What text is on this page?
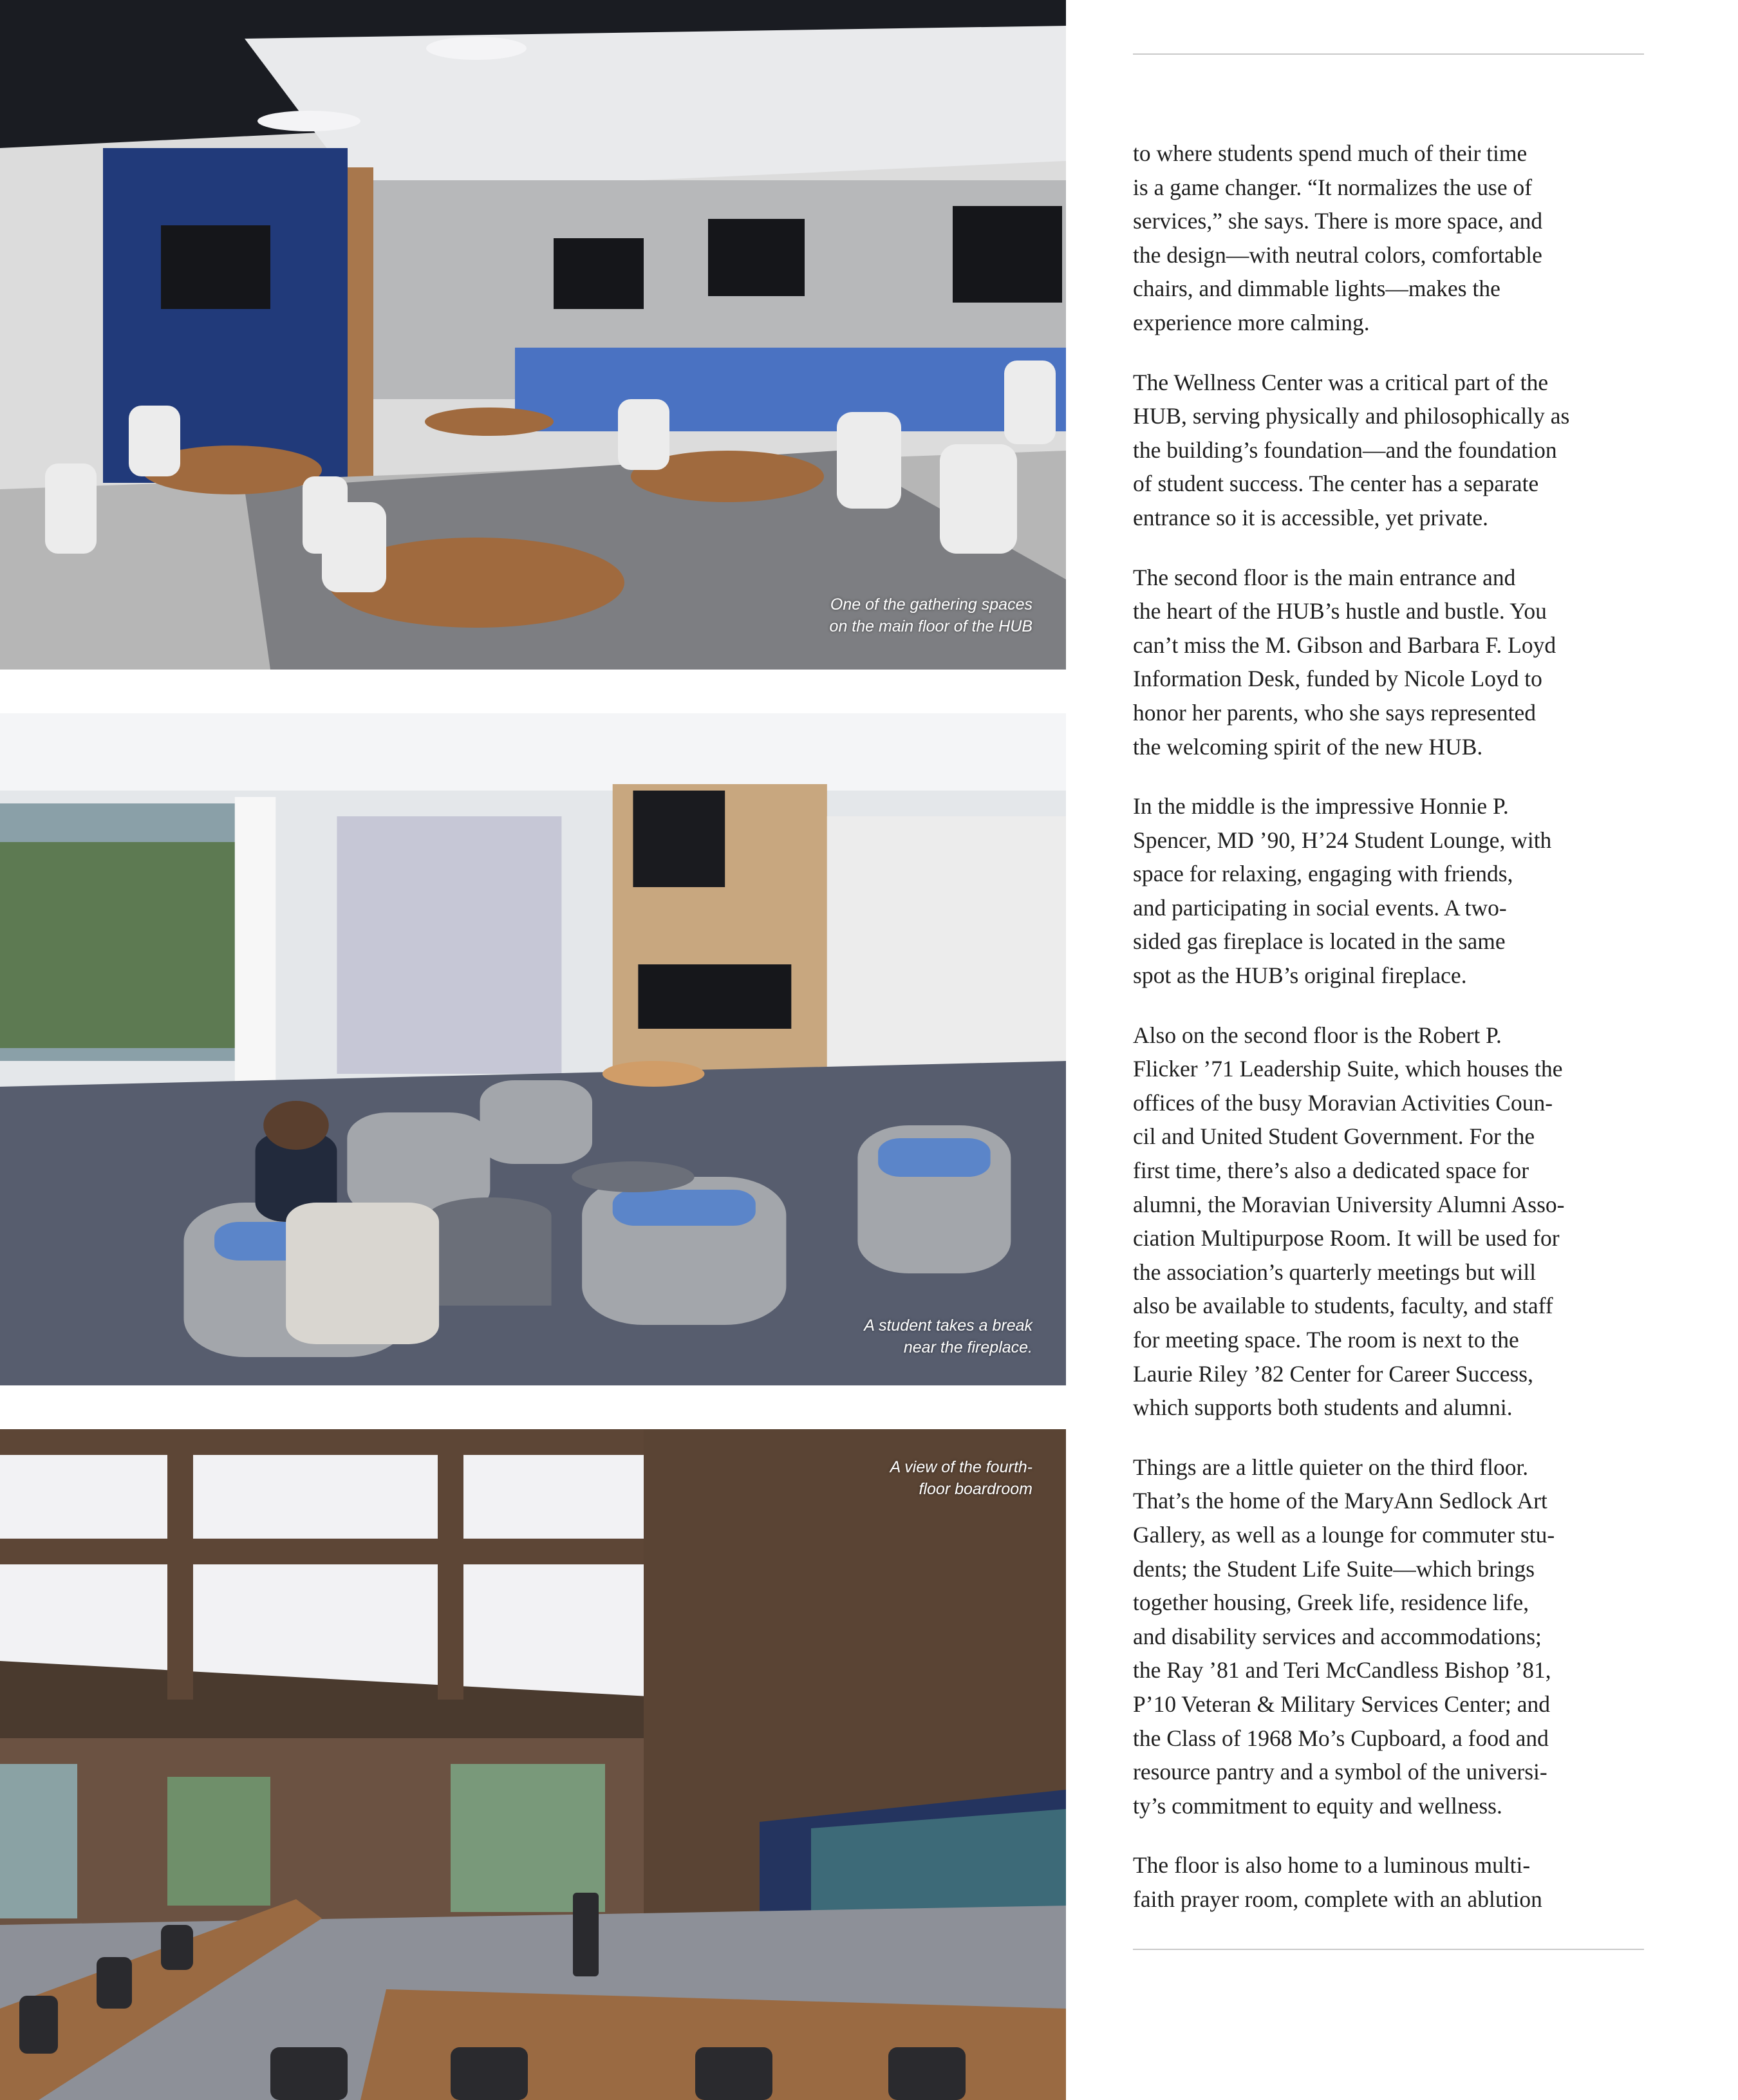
One of the gathering spaces
on the main floor of the HUB
A student takes a break
near the fireplace.
A view of the fourth-
floor boardroom

to where students spend much of their time
is a game changer. “It normalizes the use of
services,” she says. There is more space, and
the design—with neutral colors, comfortable
chairs, and dimmable lights—makes the
experience more calming.

The Wellness Center was a critical part of the
HUB, serving physically and philosophically as
the building’s foundation—and the foundation
of student success. The center has a separate
entrance so it is accessible, yet private.

The second floor is the main entrance and
the heart of the HUB’s hustle and bustle. You
can’t miss the M. Gibson and Barbara F. Loyd
Information Desk, funded by Nicole Loyd to
honor her parents, who she says represented
the welcoming spirit of the new HUB.

In the middle is the impressive Honnie P.
Spencer, MD ’90, H’24 Student Lounge, with
space for relaxing, engaging with friends,
and participating in social events. A two-
sided gas fireplace is located in the same
spot as the HUB’s original fireplace.

Also on the second floor is the Robert P.
Flicker ’71 Leadership Suite, which houses the
offices of the busy Moravian Activities Coun-
cil and United Student Government. For the
first time, there’s also a dedicated space for
alumni, the Moravian University Alumni Asso-
ciation Multipurpose Room. It will be used for
the association’s quarterly meetings but will
also be available to students, faculty, and staff
for meeting space. The room is next to the
Laurie Riley ’82 Center for Career Success,
which supports both students and alumni.

Things are a little quieter on the third floor.
That’s the home of the MaryAnn Sedlock Art
Gallery, as well as a lounge for commuter stu-
dents; the Student Life Suite—which brings
together housing, Greek life, residence life,
and disability services and accommodations;
the Ray ’81 and Teri McCandless Bishop ’81,
P’10 Veteran & Military Services Center; and
the Class of 1968 Mo’s Cupboard, a food and
resource pantry and a symbol of the universi-
ty’s commitment to equity and wellness.

The floor is also home to a luminous multi-
faith prayer room, complete with an ablution
